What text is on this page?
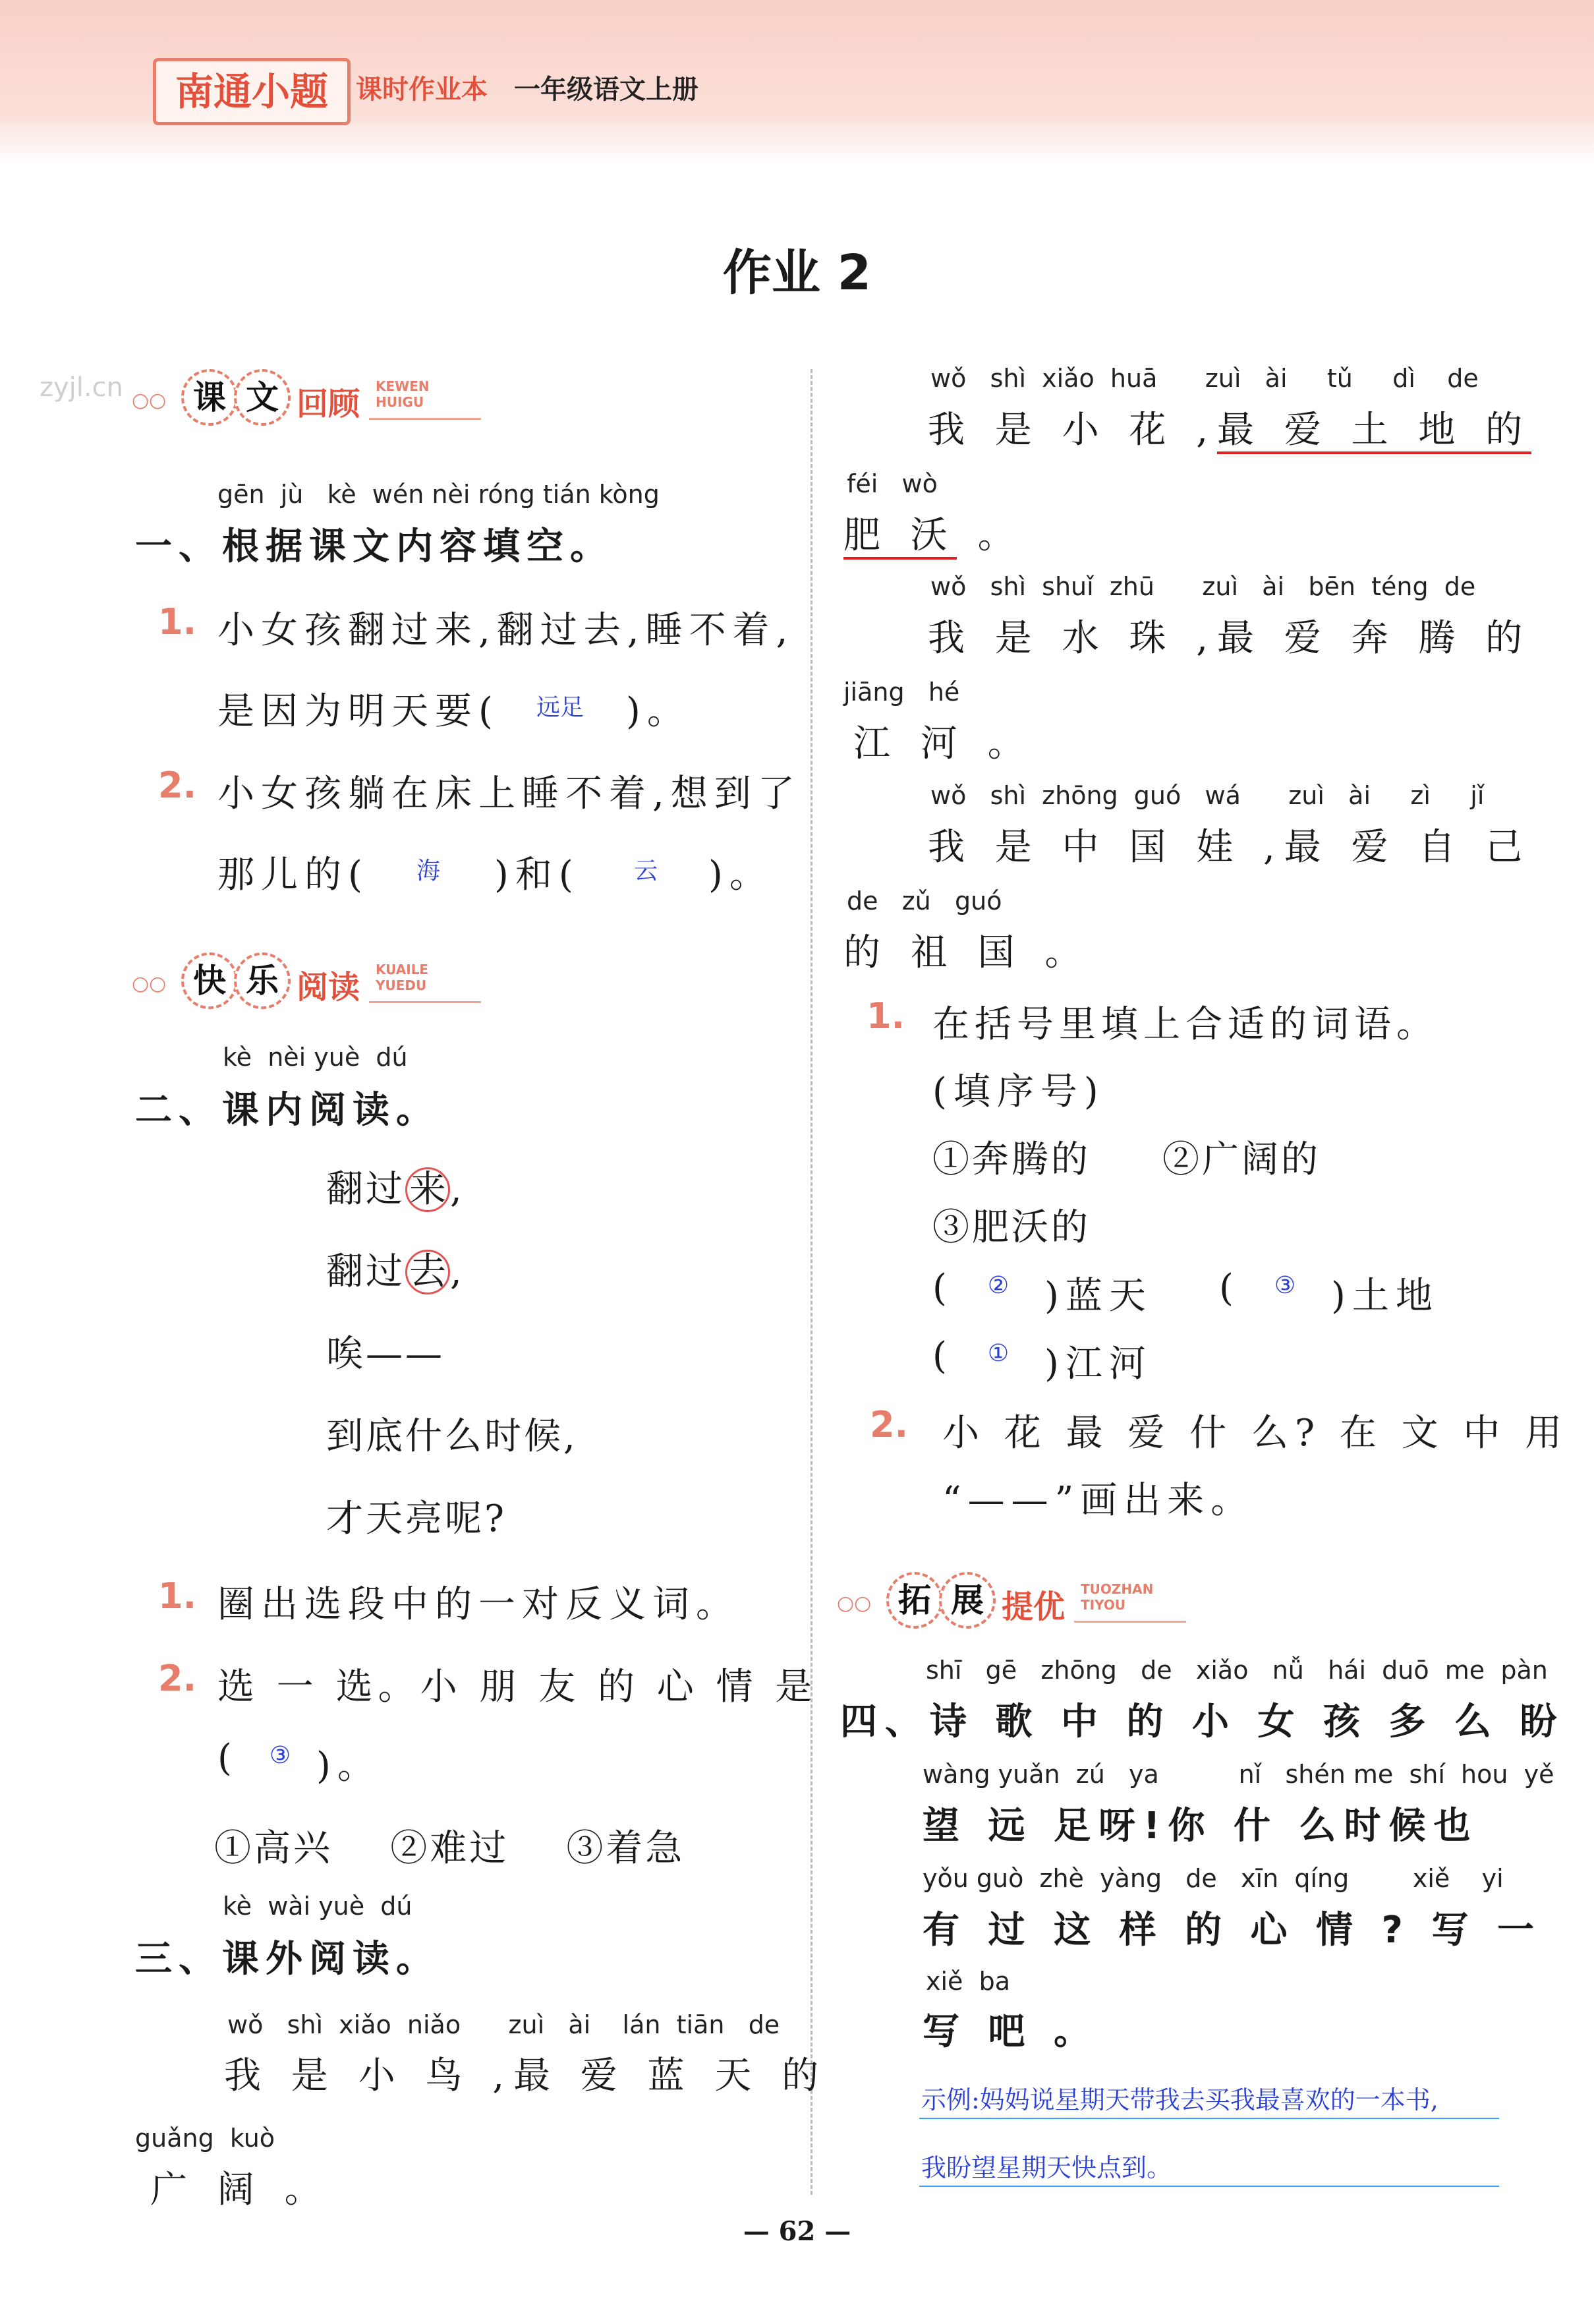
南通小题	课时作业本 一年级语文上册
作业 2
zyjl.cn ○○ 课 文 回顾 KEWEN
HUIGU
gēn  jù   kè  wén nèi róng tián kòng
一、根据课文内容填空。
1. 小女孩翻过来,翻过去,睡不着,
是因为明天要(	远足	)。
2. 小女孩躺在床上睡不着,想到了
那儿的(	海	)和(	云	)。
○○ 快 乐 阅读 KUAILE
YUEDU
kè  nèi yuè  dú
二、课内阅读。
翻过 来 ,
翻过 去 ,
唉——
到底什么时候,
才天亮呢?
1. 圈出选段中的一对反义词。
2. 选 一 选。小 朋 友 的 心 情 是
(	③ )。
①高兴    ②难过    ③着急
kè  wài yuè  dú
三、课外阅读。
wǒ   shì  xiǎo  niǎo      zuì   ài    lán  tiān   de
我 是 小 鸟 ,最 爱 蓝 天 的
guǎng  kuò
广 阔 。
wǒ   shì  xiǎo  huā      zuì   ài     tǔ     dì    de
我 是 小 花 ,最 爱 土 地 的
féi   wò
肥 沃 。
wǒ   shì  shuǐ  zhū      zuì   ài   bēn  téng  de
我 是 水 珠 ,最 爱 奔 腾 的
jiāng   hé
江 河 。
wǒ   shì  zhōng  guó   wá      zuì   ài     zì     jǐ
我 是 中 国 娃 ,最 爱 自 己
de   zǔ   guó
的 祖 国 。
1. 在括号里填上合适的词语。
(填序号)
①奔腾的     ②广阔的
③肥沃的
(	② )蓝天 (	③ )土地
(	① )江河
2. 小 花 最 爱 什 么? 在 文 中 用
“——”画出来。
○○ 拓 展 提优 TUOZHAN
TIYOU
shī   gē   zhōng   de   xiǎo   nǚ   hái  duō  me  pàn
四、诗 歌 中 的 小 女 孩 多 么 盼
wàng yuǎn  zú   ya          nǐ   shén me  shí  hou  yě
望 远 足呀!你 什 么时候也
yǒu guò  zhè  yàng   de   xīn  qíng        xiě    yi
有 过 这 样 的 心 情 ? 写 一
xiě  ba
写 吧 。
示例:妈妈说星期天带我去买我最喜欢的一本书,
我盼望星期天快点到。
— 62 —
